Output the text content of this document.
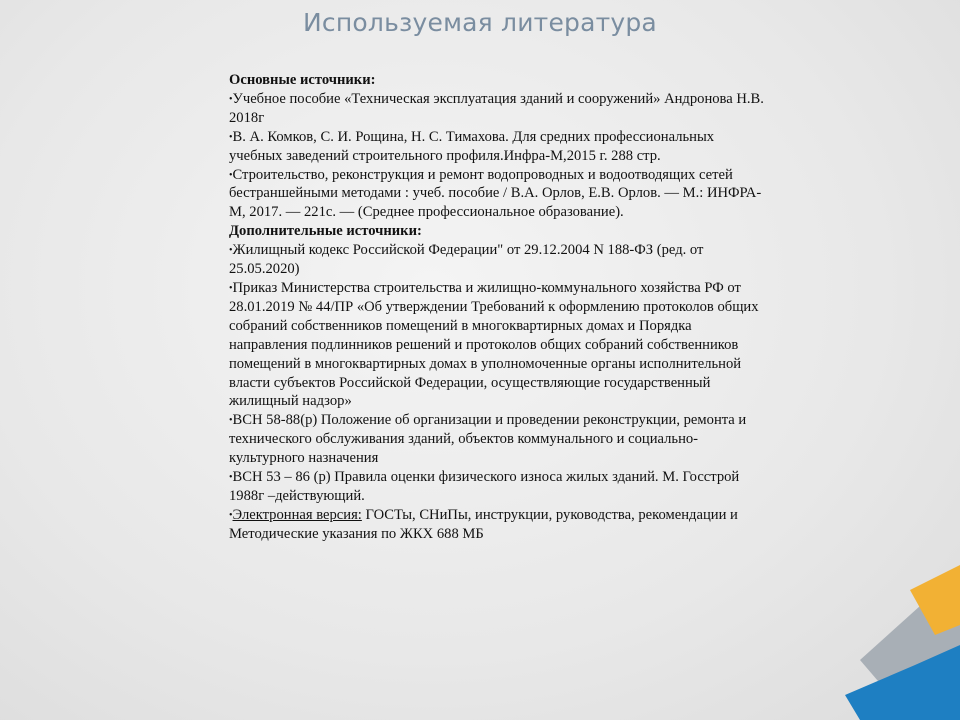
Используемая литература
Основные источники:
•Учебное пособие «Техническая эксплуатация зданий и сооружений» Андронова Н.В. 2018г
•В. А. Комков, С. И. Рощина, Н. С. Тимахова. Для средних профессиональных учебных заведений строительного профиля.Инфра-М,2015 г. 288 стр.
•Строительство, реконструкция и ремонт водопроводных и водоотводящих сетей бестраншейными методами : учеб. пособие / В.А. Орлов, Е.В. Орлов. — М.: ИНФРА-М, 2017. — 221с. — (Среднее профессиональное образование).
Дополнительные источники:
•Жилищный кодекс Российской Федерации" от 29.12.2004 N 188-ФЗ (ред. от 25.05.2020)
•Приказ Министерства строительства и жилищно-коммунального хозяйства РФ от 28.01.2019 № 44/ПР «Об утверждении Требований к оформлению протоколов общих собраний собственников помещений в многоквартирных домах и Порядка направления подлинников решений и протоколов общих собраний собственников помещений в многоквартирных домах в уполномоченные органы исполнительной власти субъектов Российской Федерации, осуществляющие государственный жилищный надзор»
•ВСН 58-88(р) Положение об организации и проведении реконструкции, ремонта и технического обслуживания зданий, объектов коммунального и социально-культурного назначения
•ВСН 53 – 86 (р) Правила оценки физического износа жилых зданий. М. Госстрой 1988г –действующий.
•Электронная версия: ГОСТы, СНиПы, инструкции, руководства, рекомендации и Методические указания по ЖКХ 688 МБ
